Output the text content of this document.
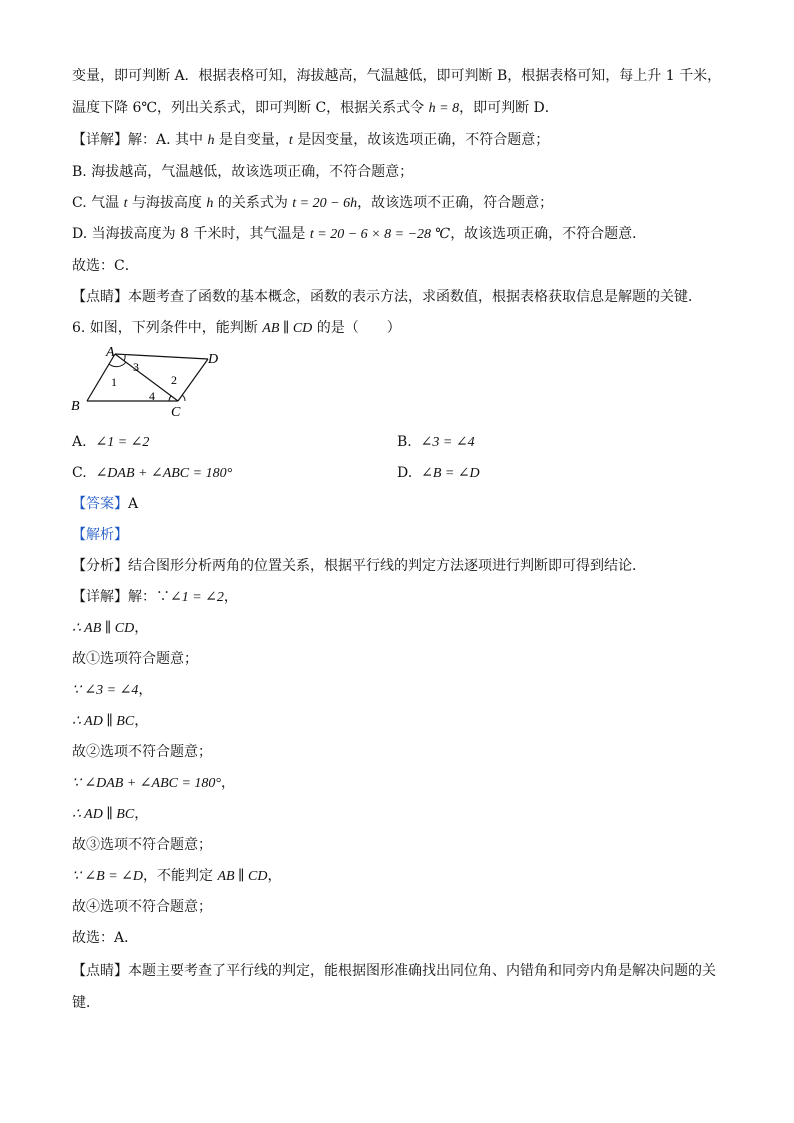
变量，即可判断 A．根据表格可知，海拔越高，气温越低，即可判断 B，根据表格可知，每上升 1 千米，
温度下降 6℃，列出关系式，即可判断 C，根据关系式令 h = 8，即可判断 D．
【详解】解：A. 其中 h 是自变量，t 是因变量，故该选项正确，不符合题意；
B. 海拔越高，气温越低，故该选项正确，不符合题意；
C. 气温 t 与海拔高度 h 的关系式为 t = 20 − 6h，故该选项不正确，符合题意；
D. 当海拔高度为 8 千米时，其气温是 t = 20 − 6 × 8 = −28 ℃，故该选项正确，不符合题意．
故选：C．
【点睛】本题考查了函数的基本概念，函数的表示方法，求函数值，根据表格获取信息是解题的关键．
6. 如图，下列条件中，能判断 AB ∥ CD 的是（　　）
A	D
B	C
1
3
2
4
A. ∠1 = ∠2	B. ∠3 = ∠4
C. ∠DAB + ∠ABC = 180°	D. ∠B = ∠D
【答案】A
【解析】
【分析】结合图形分析两角的位置关系，根据平行线的判定方法逐项进行判断即可得到结论．
【详解】解：∵∠1 = ∠2，
∴ AB ∥ CD，
故①选项符合题意；
∵ ∠3 = ∠4，
∴ AD ∥ BC，
故②选项不符合题意；
∵ ∠DAB + ∠ABC = 180°，
∴ AD ∥ BC，
故③选项不符合题意；
∵ ∠B = ∠D，不能判定 AB ∥ CD，
故④选项不符合题意；
故选：A．
【点睛】本题主要考查了平行线的判定，能根据图形准确找出同位角、内错角和同旁内角是解决问题的关
键．
